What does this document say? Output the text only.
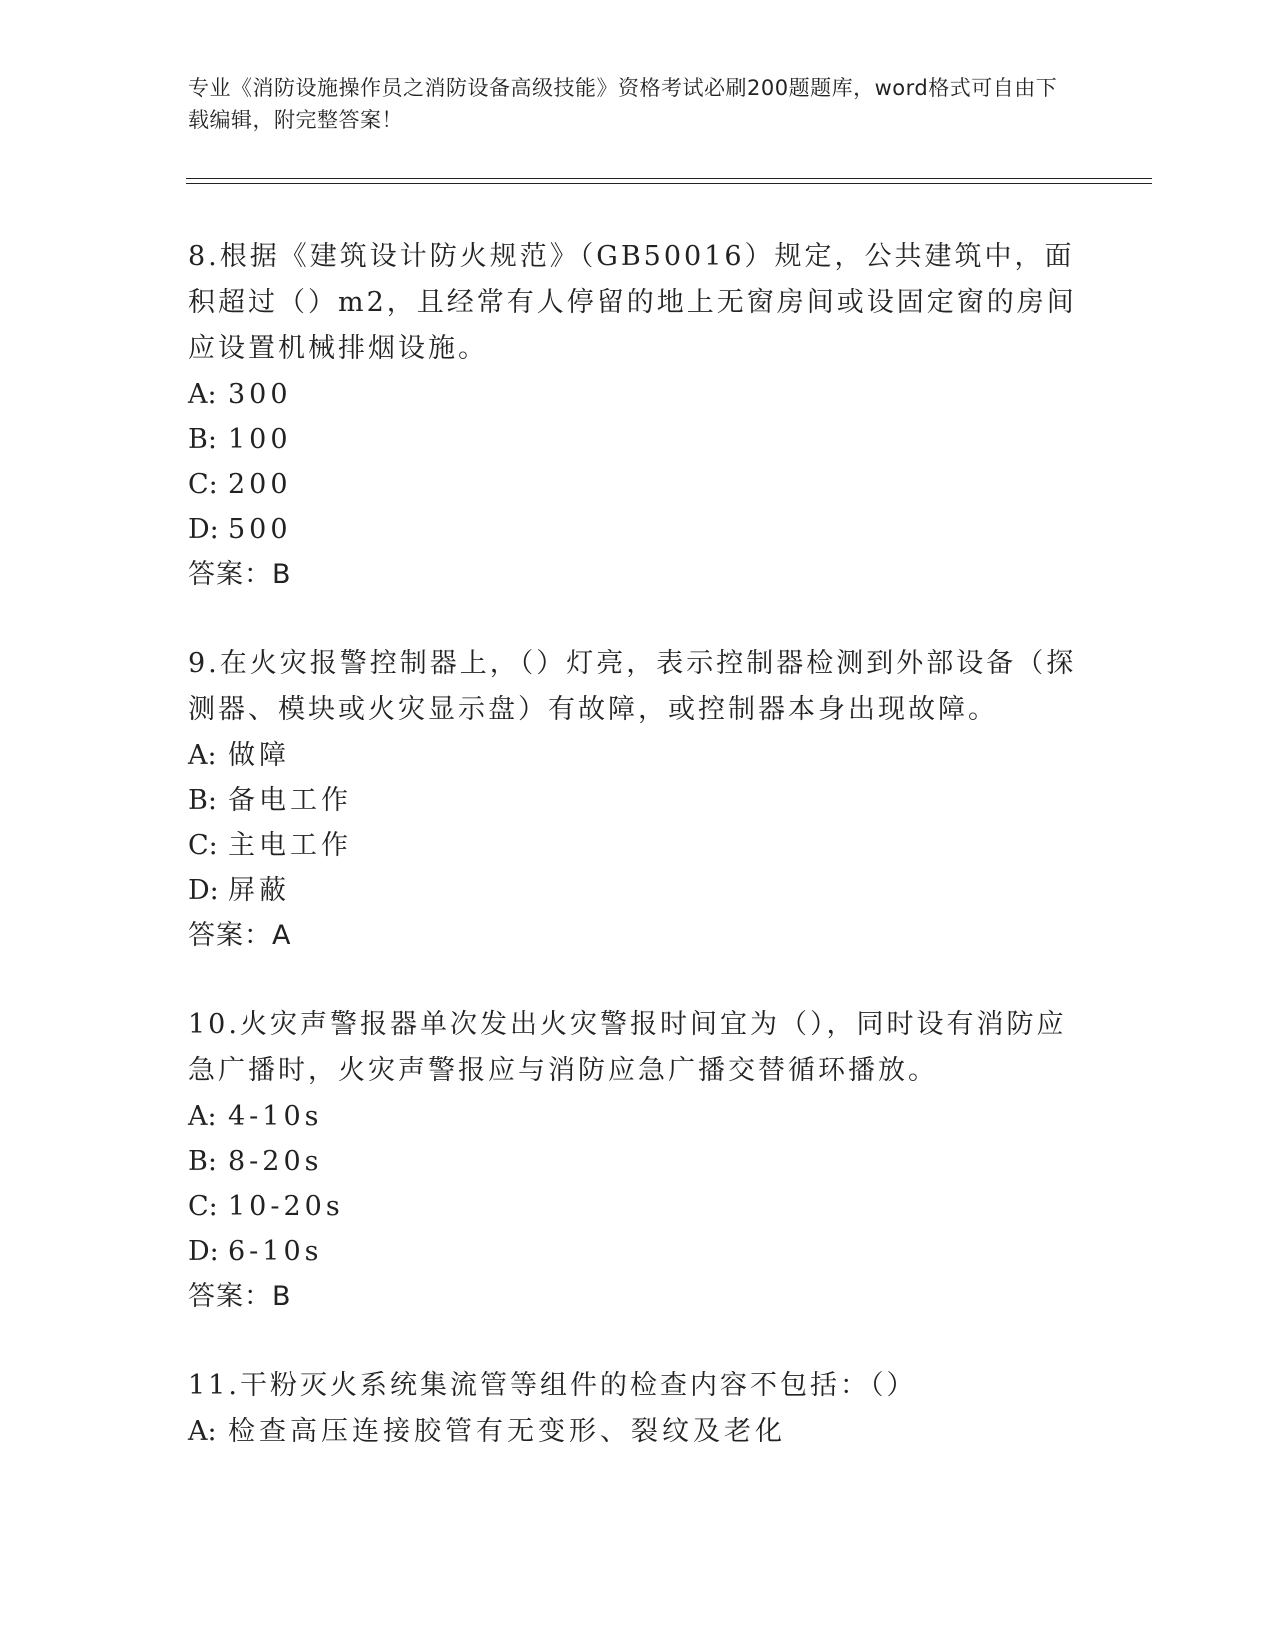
专业《消防设施操作员之消防设备高级技能》资格考试必刷200题题库，word格式可自由下载编辑，附完整答案！

8.根据《建筑设计防火规范》（GB50016）规定，公共建筑中，面积超过（）m2，且经常有人停留的地上无窗房间或设固定窗的房间应设置机械排烟设施。

A: 300
B: 100
C: 200
D: 500
答案：B

9.在火灾报警控制器上，（）灯亮，表示控制器检测到外部设备（探测器、模块或火灾显示盘）有故障，或控制器本身出现故障。

A: 做障
B: 备电工作
C: 主电工作
D: 屏蔽
答案：A

10.火灾声警报器单次发出火灾警报时间宜为（），同时设有消防应急广播时，火灾声警报应与消防应急广播交替循环播放。

A: 4-10s
B: 8-20s
C: 10-20s
D: 6-10s
答案：B

11.干粉灭火系统集流管等组件的检查内容不包括：（）

A: 检查高压连接胶管有无变形、裂纹及老化
